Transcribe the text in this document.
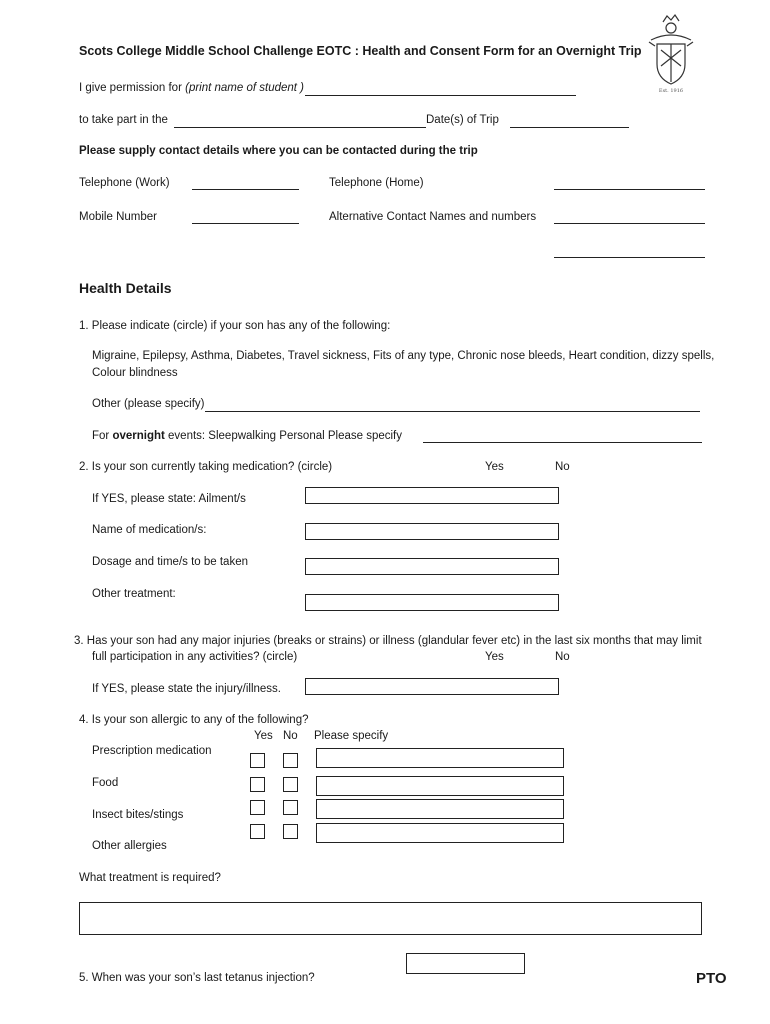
Scots College Middle School Challenge EOTC : Health and Consent Form for an Overnight Trip
Est. 1916
I give permission for (print name of student )
to take part in the	Date(s) of Trip
Please supply contact details where you can be contacted during the trip
Telephone (Work)	Telephone (Home)
Mobile Number	Alternative Contact Names and numbers
Health Details
1. Please indicate (circle) if your son has any of the following:
Migraine, Epilepsy, Asthma, Diabetes, Travel sickness, Fits of any type, Chronic nose bleeds, Heart condition, dizzy spells,
Colour blindness
Other (please specify)
For overnight events: Sleepwalking Personal Please specify
2. Is your son currently taking medication? (circle)	Yes	No
If YES, please state: Ailment/s
Name of medication/s:
Dosage and time/s to be taken
Other treatment:
3. Has your son had any major injuries (breaks or strains) or illness (glandular fever etc) in the last six months that may limit
full participation in any activities? (circle)	Yes	No
If YES, please state the injury/illness.
4. Is your son allergic to any of the following?
Yes No Please specify
Prescription medication
Food
Insect bites/stings
Other allergies
What treatment is required?
5. When was your son’s last tetanus injection?	PTO
